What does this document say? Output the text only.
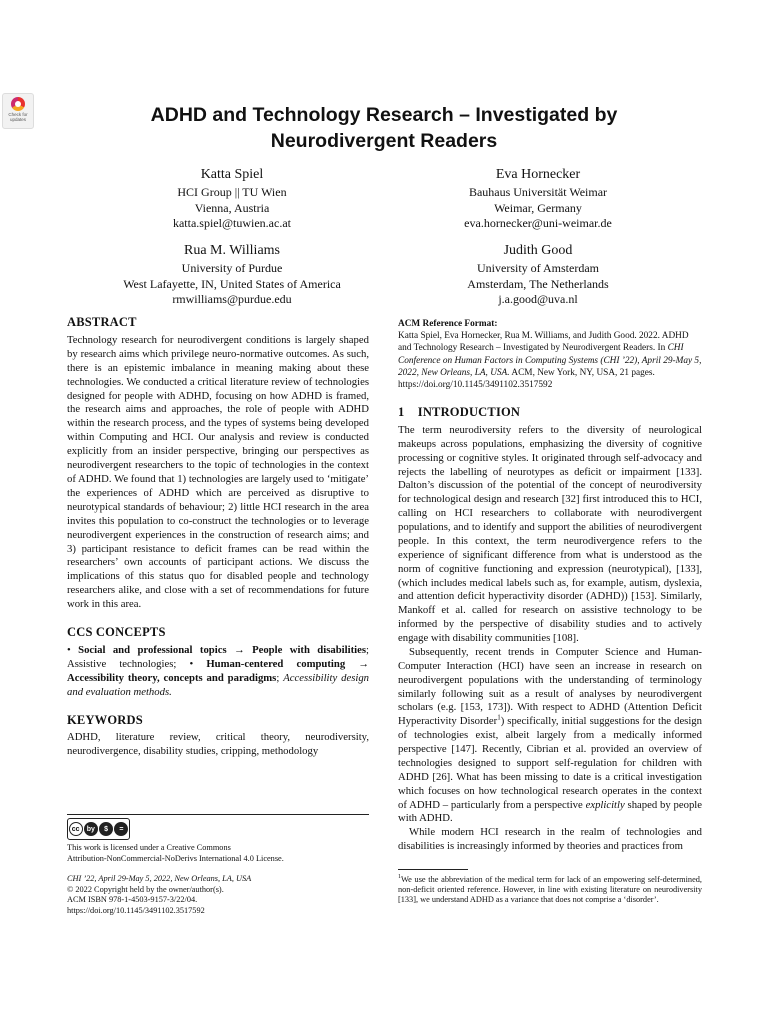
Check for updates	ADHD and Technology Research – Investigated by
Neurodivergent Readers
Katta Spiel
HCI Group || TU Wien
Vienna, Austria
katta.spiel@tuwien.ac.at
Eva Hornecker
Bauhaus Universität Weimar
Weimar, Germany
eva.hornecker@uni-weimar.de
Rua M. Williams
University of Purdue
West Lafayette, IN, United States of America
rmwilliams@purdue.edu
Judith Good
University of Amsterdam
Amsterdam, The Netherlands
j.a.good@uva.nl
ABSTRACT

Technology research for neurodivergent conditions is largely shaped by research aims which privilege neuro-normative outcomes. As such, there is an epistemic imbalance in meaning making about these technologies. We conducted a critical literature review of technologies designed for people with ADHD, focusing on how ADHD is framed, the research aims and approaches, the role of people with ADHD within the research process, and the types of systems being developed within Computing and HCI. Our analysis and review is conducted explicitly from an insider perspective, bringing our perspectives as neurodivergent researchers to the topic of technologies in the context of ADHD. We found that 1) technologies are largely used to ‘mitigate’ the experiences of ADHD which are perceived as disruptive to neurotypical standards of behaviour; 2) little HCI research in the area invites this population to co-construct the technologies or to leverage neurodivergent experiences in the construction of research aims; and 3) participant resistance to deficit frames can be read within the researchers’ own accounts of participant actions. We discuss the implications of this status quo for disabled people and technology researchers alike, and close with a set of recommendations for future work in this area.

CCS CONCEPTS

• Social and professional topics → People with disabilities; Assistive technologies; • Human-centered computing → Accessibility theory, concepts and paradigms; Accessibility design and evaluation methods.

KEYWORDS

ADHD, literature review, critical theory, neurodiversity, neurodivergence, disability studies, cripping, methodology

cc	by	$	=
This work is licensed under a Creative Commons
Attribution-NonCommercial-NoDerivs International 4.0 License.
CHI ’22, April 29-May 5, 2022, New Orleans, LA, USA
© 2022 Copyright held by the owner/author(s).
ACM ISBN 978-1-4503-9157-3/22/04.
https://doi.org/10.1145/3491102.3517592
ACM Reference Format:

Katta Spiel, Eva Hornecker, Rua M. Williams, and Judith Good. 2022. ADHD and Technology Research – Investigated by Neurodivergent Readers. In CHI Conference on Human Factors in Computing Systems (CHI ’22), April 29-May 5, 2022, New Orleans, LA, USA. ACM, New York, NY, USA, 21 pages. https://doi.org/10.1145/3491102.3517592

1    INTRODUCTION

The term neurodiversity refers to the diversity of neurological makeups across populations, emphasizing the diversity of cognitive processing or cognitive styles. It originated through self-advocacy and rejects the labelling of neurotypes as deficit or impairment [133]. Dalton’s discussion of the potential of the concept of neurodiversity for technological design and research [32] first introduced this to HCI, calling on HCI researchers to collaborate with neurodivergent populations, and to identify and support the abilities of neurodivergent people. In this context, the term neurodivergence refers to the experience of significant difference from what is understood as the norm of cognitive functioning and expression (neurotypical), [133], (which includes medical labels such as, for example, autism, dyslexia, and attention deficit hyperactivity disorder (ADHD)) [153]. Similarly, Mankoff et al. called for research on assistive technology to be informed by the perspective of disability studies and to actively engage with disability communities [108].

Subsequently, recent trends in Computer Science and Human-Computer Interaction (HCI) have seen an increase in research on neurodivergent populations with the understanding of terminology similarly following suit as a result of analyses by neurodivergent scholars (e.g. [153, 173]). With respect to ADHD (Attention Deficit Hyperactivity Disorder$^1$) specifically, initial suggestions for the design of technologies exist, albeit largely from a medically informed perspective [147]. Recently, Cibrian et al. provided an overview of technologies designed to support self-regulation for children with ADHD [26]. What has been missing to date is a critical investigation which focuses on how technological research operates in the context of ADHD – particularly from a perspective explicitly shaped by people with ADHD.

While modern HCI research in the realm of technologies and disabilities is increasingly informed by theories and practices from

$^1$We use the abbreviation of the medical term for lack of an empowering self-determined, non-deficit oriented reference. However, in line with existing literature on neurodiversity [133], we understand ADHD as a variance that does not comprise a ‘disorder’.
